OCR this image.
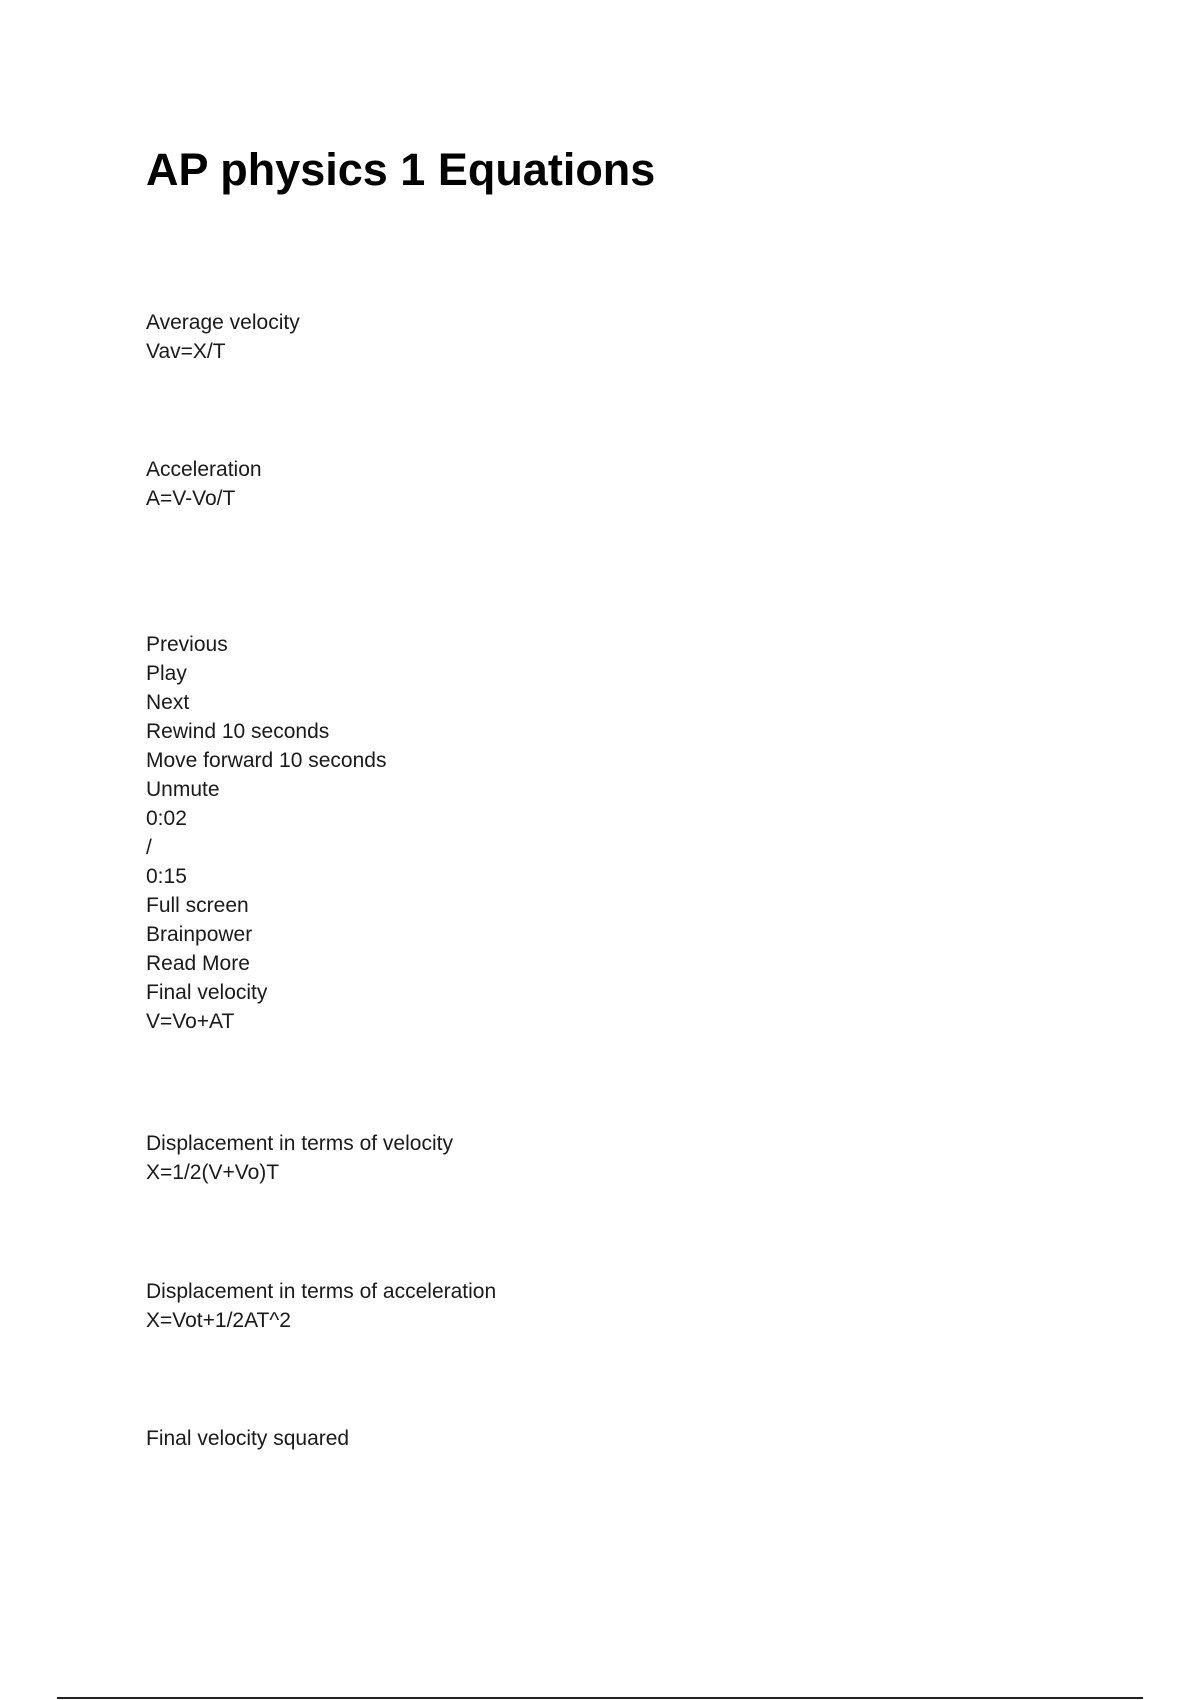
AP physics 1 Equations
Average velocity
Vav=X/T
Acceleration
A=V-Vo/T
Previous
Play
Next
Rewind 10 seconds
Move forward 10 seconds
Unmute
0:02
/
0:15
Full screen
Brainpower
Read More
Final velocity
V=Vo+AT
Displacement in terms of velocity
X=1/2(V+Vo)T
Displacement in terms of acceleration
X=Vot+1/2AT^2
Final velocity squared
